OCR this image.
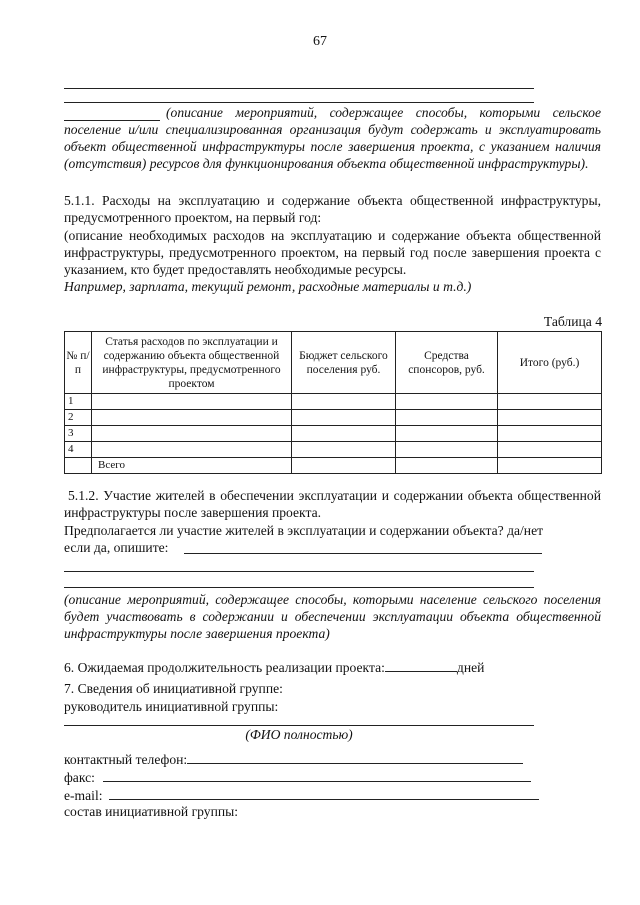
67
(описание мероприятий, содержащее способы, которыми сельское поселение и/или специализированная организация будут содержать и эксплуатировать объект общественной инфраструктуры после завершения проекта, с указанием наличия (отсутствия) ресурсов для функционирования объекта общественной инфраструктуры).
5.1.1. Расходы на эксплуатацию и содержание объекта общественной инфраструктуры, предусмотренного проектом, на первый год:
(описание необходимых расходов на эксплуатацию и содержание объекта общественной инфраструктуры, предусмотренного проектом, на первый год после завершения проекта с указанием, кто будет предоставлять необходимые ресурсы.
Например, зарплата, текущий ремонт, расходные материалы и т.д.)
Таблица 4
№ п/п	Статья расходов по эксплуатации и содержанию объекта общественной инфраструктуры, предусмотренного проектом	Бюджет сельского поселения руб.	Средства спонсоров, руб.	Итого (руб.)
1				
2				
3				
4				
	Всего			
5.1.2. Участие жителей в обеспечении эксплуатации и содержании объекта общественной инфраструктуры после завершения проекта.
Предполагается ли участие жителей в эксплуатации и содержании объекта? да/нет
если да, опишите:
(описание мероприятий, содержащее способы, которыми население сельского поселения будет участвовать в содержании и обеспечении эксплуатации объекта общественной инфраструктуры после завершения проекта)
6. Ожидаемая продолжительность реализации проекта:	дней
7. Сведения об инициативной группе:
руководитель инициативной группы:
(ФИО полностью)
контактный телефон:
факс:
e-mail:
состав инициативной группы:
